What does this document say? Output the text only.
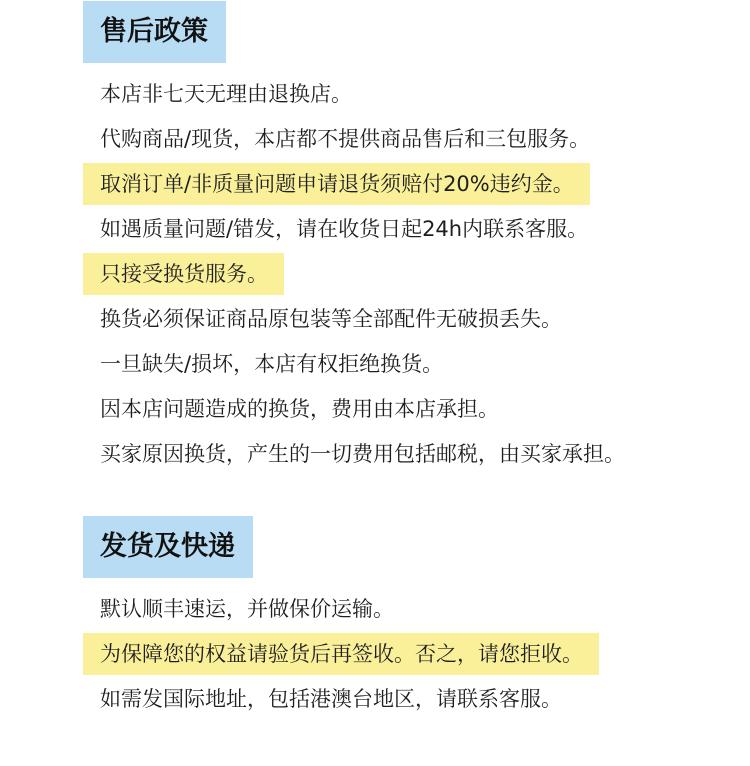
售后政策
本店非七天无理由退换店。
代购商品/现货，本店都不提供商品售后和三包服务。
取消订单/非质量问题申请退货须赔付20%违约金。
如遇质量问题/错发，请在收货日起24h内联系客服。
只接受换货服务。
换货必须保证商品原包装等全部配件无破损丢失。
一旦缺失/损坏，本店有权拒绝换货。
因本店问题造成的换货，费用由本店承担。
买家原因换货，产生的一切费用包括邮税，由买家承担。
发货及快递
默认顺丰速运，并做保价运输。
为保障您的权益请验货后再签收。否之，请您拒收。
如需发国际地址，包括港澳台地区，请联系客服。
